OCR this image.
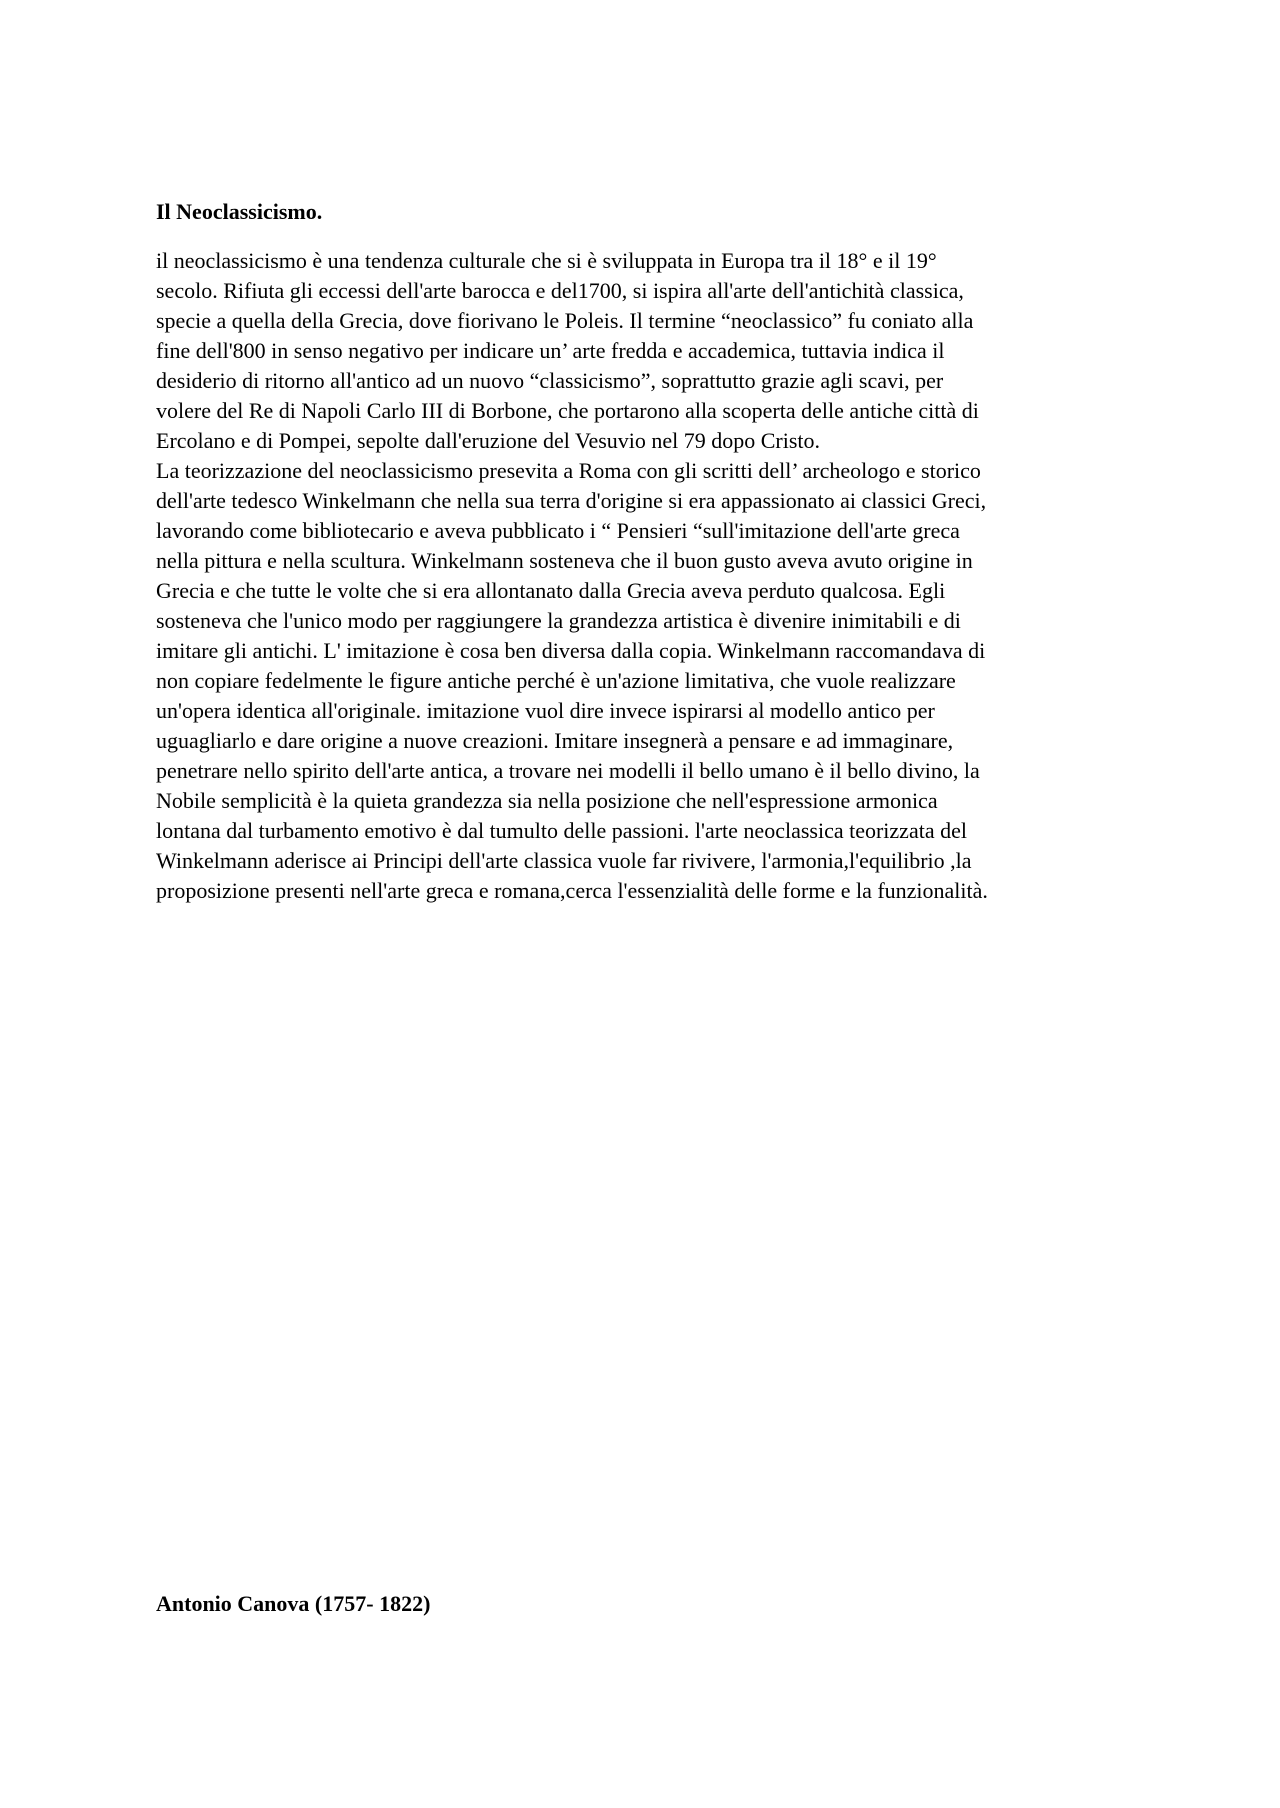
Il Neoclassicismo.
il neoclassicismo è una tendenza culturale che si è sviluppata in Europa tra il 18° e il 19°
secolo. Rifiuta gli eccessi dell'arte barocca e del1700, si ispira all'arte dell'antichità classica,
specie a quella della Grecia, dove fiorivano le Poleis. Il termine “neoclassico” fu coniato alla
fine dell'800 in senso negativo per indicare un’ arte fredda e accademica, tuttavia indica il
desiderio di ritorno all'antico ad un nuovo “classicismo”, soprattutto grazie agli scavi, per
volere del Re di Napoli Carlo III di Borbone, che portarono alla scoperta delle antiche città di
Ercolano e di Pompei, sepolte dall'eruzione del Vesuvio nel 79 dopo Cristo.
La teorizzazione del neoclassicismo presevita a Roma con gli scritti dell’ archeologo e storico
dell'arte tedesco Winkelmann che nella sua terra d'origine si era appassionato ai classici Greci,
lavorando come bibliotecario e aveva pubblicato i “ Pensieri “sull'imitazione dell'arte greca
nella pittura e nella scultura. Winkelmann sosteneva che il buon gusto aveva avuto origine in
Grecia e che tutte le volte che si era allontanato dalla Grecia aveva perduto qualcosa. Egli
sosteneva che l'unico modo per raggiungere la grandezza artistica è divenire inimitabili e di
imitare gli antichi. L' imitazione è cosa ben diversa dalla copia. Winkelmann raccomandava di
non copiare fedelmente le figure antiche perché è un'azione limitativa, che vuole realizzare
un'opera identica all'originale. imitazione vuol dire invece ispirarsi al modello antico per
uguagliarlo e dare origine a nuove creazioni. Imitare insegnerà a pensare e ad immaginare,
penetrare nello spirito dell'arte antica, a trovare nei modelli il bello umano è il bello divino, la
Nobile semplicità è la quieta grandezza sia nella posizione che nell'espressione armonica
lontana dal turbamento emotivo è dal tumulto delle passioni. l'arte neoclassica teorizzata del
Winkelmann aderisce ai Principi dell'arte classica vuole far rivivere, l'armonia,l'equilibrio ,la
proposizione presenti nell'arte greca e romana,cerca l'essenzialità delle forme e la funzionalità.
Antonio Canova (1757- 1822)
